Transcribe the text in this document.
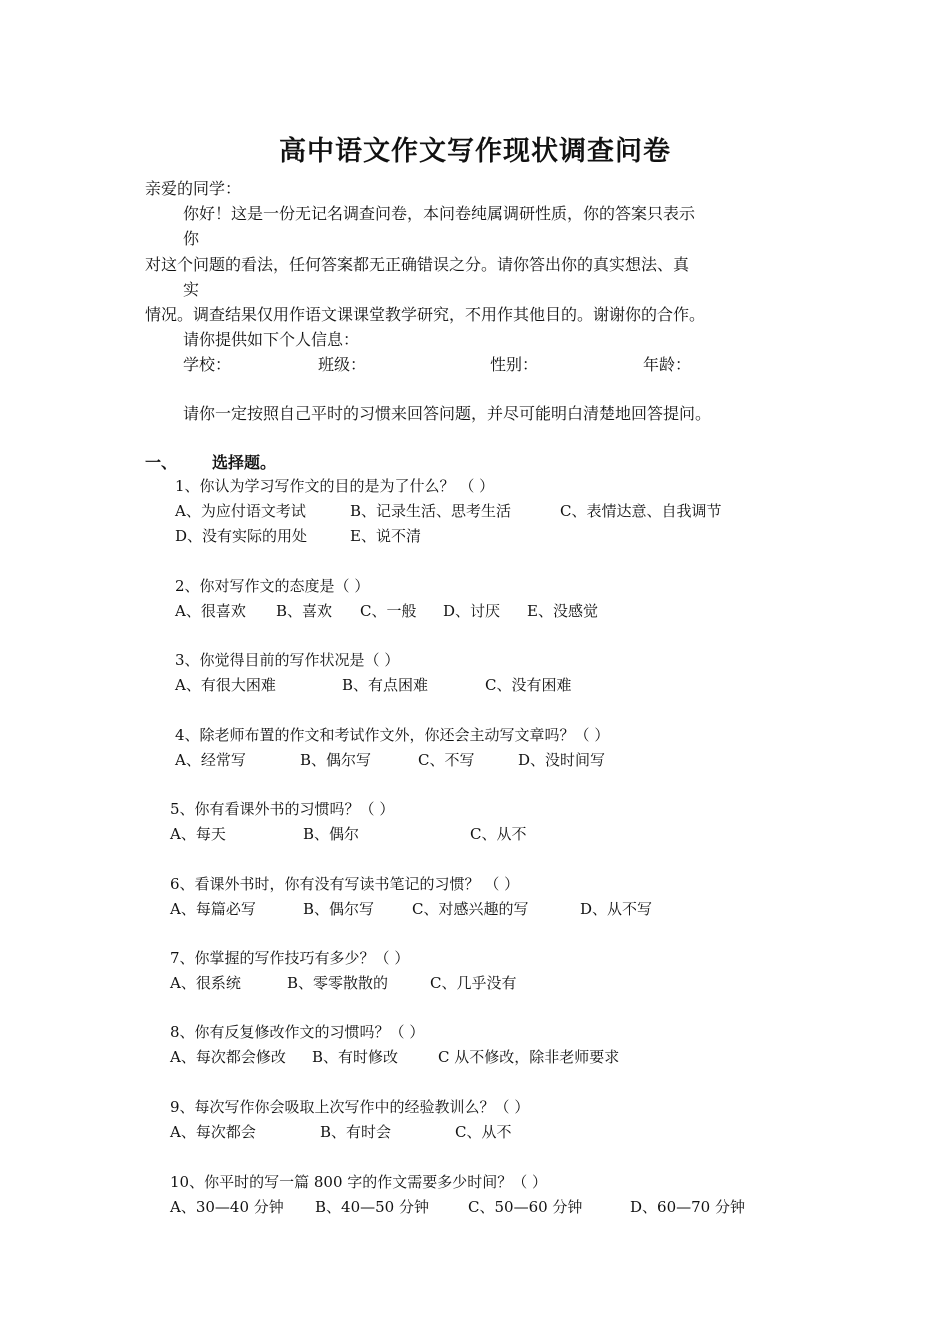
高中语文作文写作现状调查问卷
亲爱的同学：
你好！这是一份无记名调查问卷，本问卷纯属调研性质，你的答案只表示
你
对这个问题的看法，任何答案都无正确错误之分。请你答出你的真实想法、真
实
情况。调查结果仅用作语文课课堂教学研究，不用作其他目的。谢谢你的合作。
请你提供如下个人信息：
学校：	班级：	性别：	年龄：
请你一定按照自己平时的习惯来回答问题，并尽可能明白清楚地回答提问。
一、 选择题。
1、你认为学习写作文的目的是为了什么？ （ ）
A、为应付语文考试	B、记录生活、思考生活	C、表情达意、自我调节
D、没有实际的用处	E、说不清
2、你对写作文的态度是（ ）
A、很喜欢 B、喜欢 C、一般 D、讨厌 E、没感觉
3、你觉得目前的写作状况是（ ）
A、有很大困难	B、有点困难	C、没有困难
4、除老师布置的作文和考试作文外，你还会主动写文章吗？（ ）
A、经常写	B、偶尔写	C、不写	D、没时间写
5、你有看课外书的习惯吗？（ ）
A、每天	B、偶尔	C、从不
6、看课外书时，你有没有写读书笔记的习惯？ （ ）
A、每篇必写	B、偶尔写	C、对感兴趣的写	D、从不写
7、你掌握的写作技巧有多少？（ ）
A、很系统	B、零零散散的	C、几乎没有
8、你有反复修改作文的习惯吗？（ ）
A、每次都会修改 B、有时修改	C 从不修改，除非老师要求
9、每次写作你会吸取上次写作中的经验教训么？（ ）
A、每次都会	B、有时会	C、从不
10、你平时的写一篇 800 字的作文需要多少时间？（ ）
A、30—40 分钟 B、40—50 分钟	C、50—60 分钟	D、60—70 分钟
